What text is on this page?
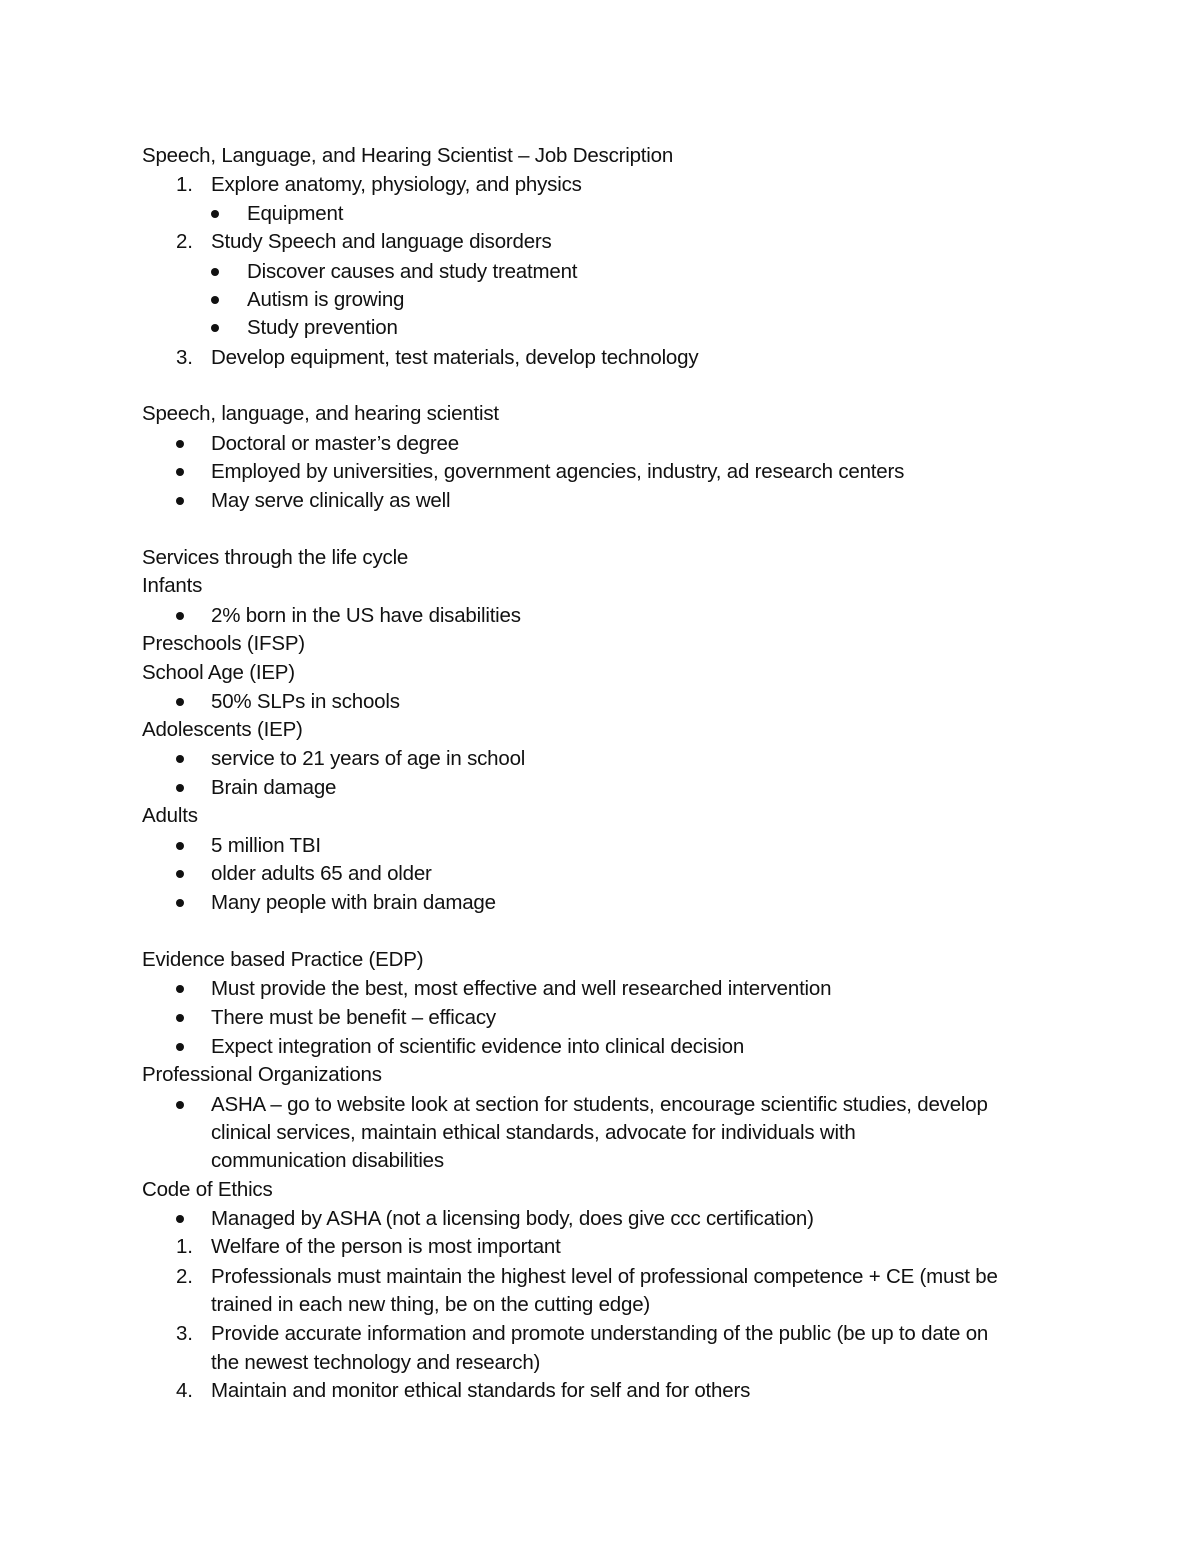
Speech, Language, and Hearing Scientist – Job Description
1. Explore anatomy, physiology, and physics
Equipment
2. Study Speech and language disorders
Discover causes and study treatment
Autism is growing
Study prevention
3. Develop equipment, test materials, develop technology
Speech, language, and hearing scientist
Doctoral or master’s degree
Employed by universities, government agencies, industry, ad research centers
May serve clinically as well
Services through the life cycle
Infants
2% born in the US have disabilities
Preschools (IFSP)
School Age (IEP)
50% SLPs in schools
Adolescents (IEP)
service to 21 years of age in school
Brain damage
Adults
5 million TBI
older adults 65 and older
Many people with brain damage
Evidence based Practice (EDP)
Must provide the best, most effective and well researched intervention
There must be benefit – efficacy
Expect integration of scientific evidence into clinical decision
Professional Organizations
ASHA – go to website look at section for students, encourage scientific studies, develop
clinical services, maintain ethical standards, advocate for individuals with
communication disabilities
Code of Ethics
Managed by ASHA (not a licensing body, does give ccc certification)
1. Welfare of the person is most important
2. Professionals must maintain the highest level of professional competence + CE (must be
trained in each new thing, be on the cutting edge)
3. Provide accurate information and promote understanding of the public (be up to date on
the newest technology and research)
4. Maintain and monitor ethical standards for self and for others
